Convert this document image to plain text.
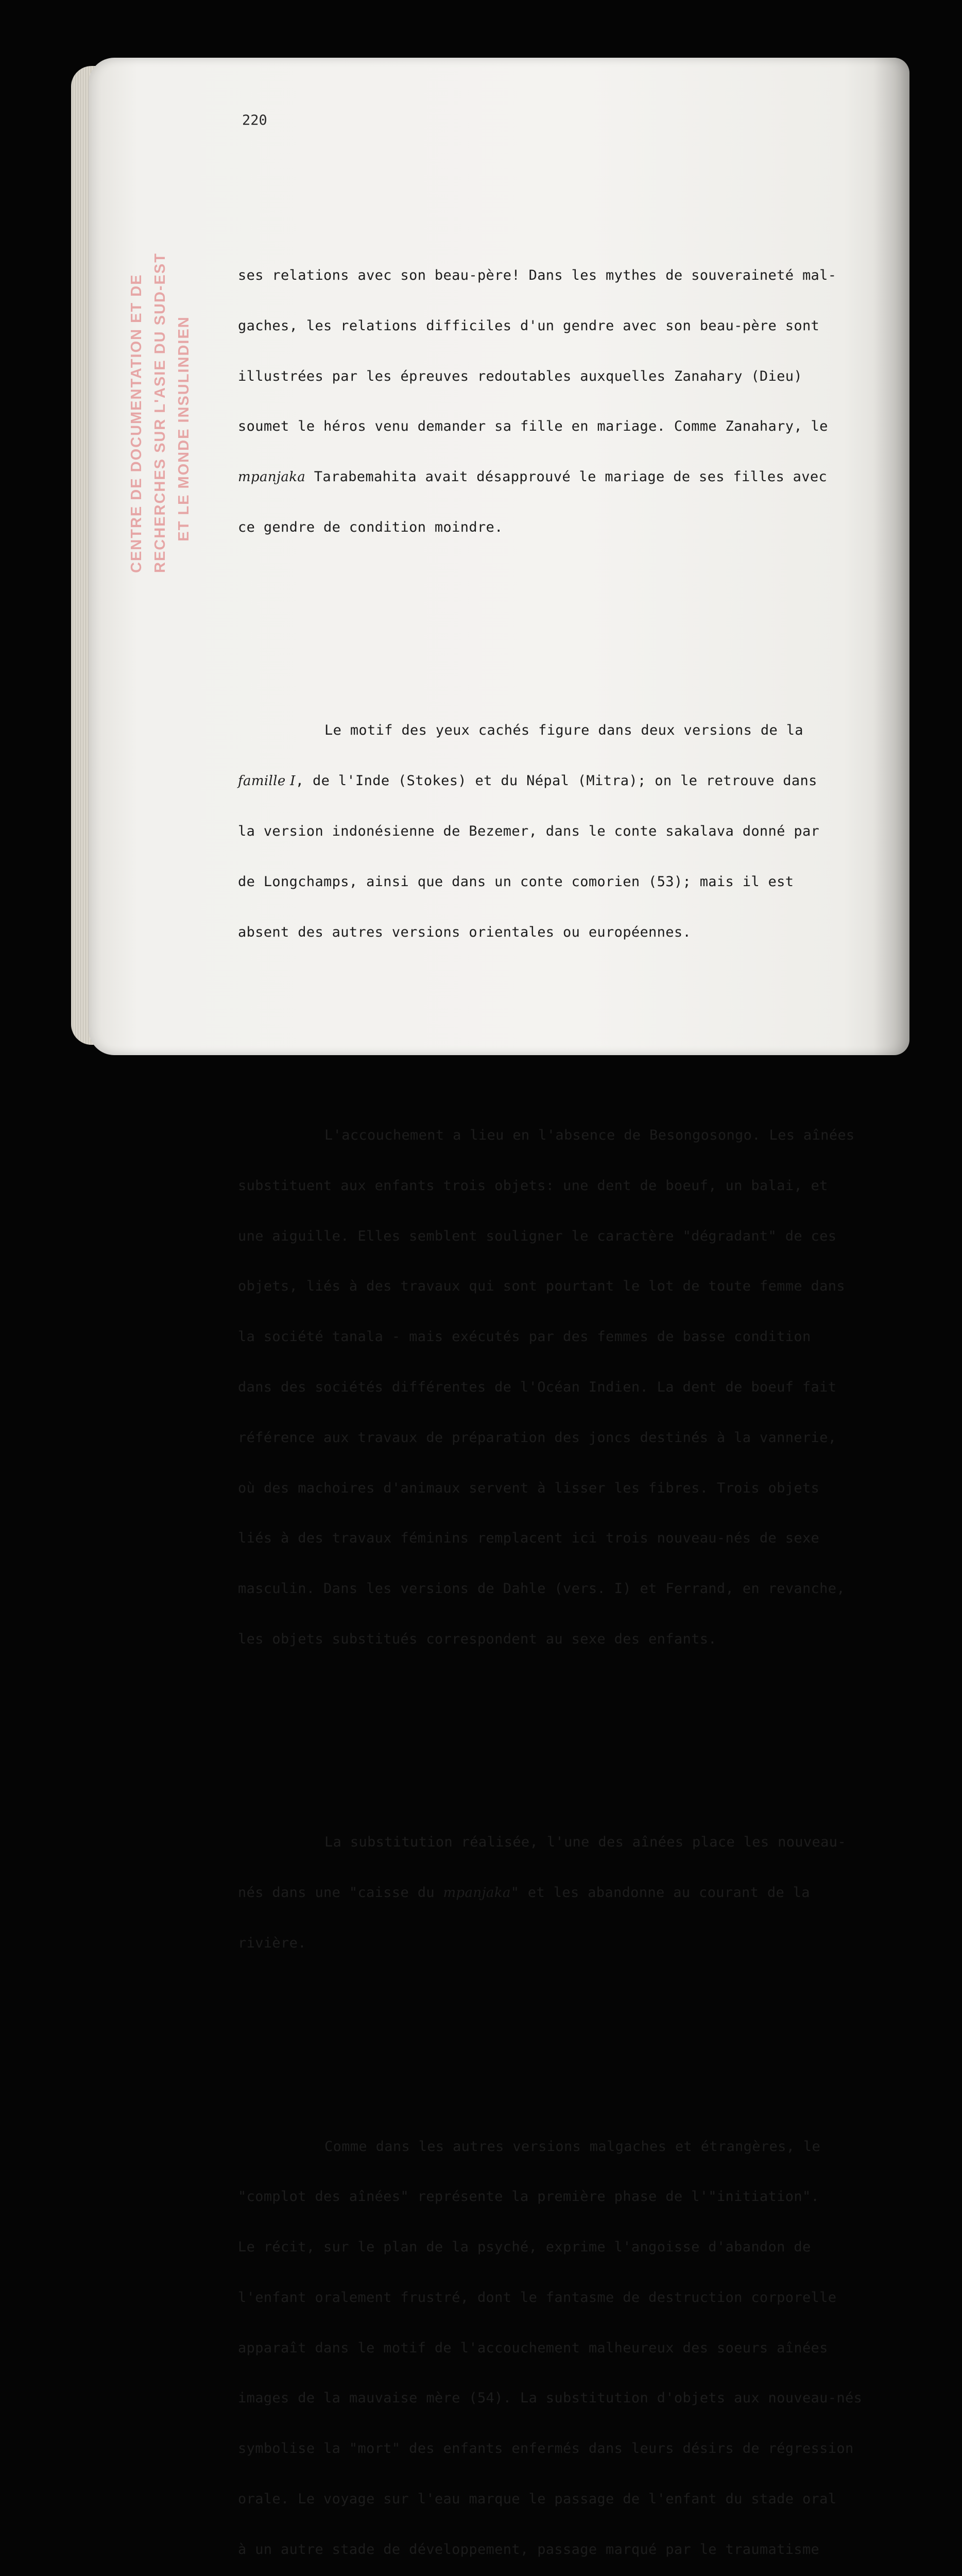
220
CENTRE DE DOCUMENTATION ET DE RECHERCHES SUR L'ASIE DU SUD-EST ET LE MONDE INSULINDIEN

ses relations avec son beau-père! Dans les mythes de souveraineté mal-

gaches, les relations difficiles d'un gendre avec son beau-père sont

illustrées par les épreuves redoutables auxquelles Zanahary (Dieu)

soumet le héros venu demander sa fille en mariage. Comme Zanahary, le

mpanjaka Tarabemahita avait désapprouvé le mariage de ses filles avec

ce gendre de condition moindre.

Le motif des yeux cachés figure dans deux versions de la

famille I, de l'Inde (Stokes) et du Népal (Mitra); on le retrouve dans

la version indonésienne de Bezemer, dans le conte sakalava donné par

de Longchamps, ainsi que dans un conte comorien (53); mais il est

absent des autres versions orientales ou européennes.

L'accouchement a lieu en l'absence de Besongosongo. Les aînées

substituent aux enfants trois objets: une dent de boeuf, un balai, et

une aiguille. Elles semblent souligner le caractère "dégradant" de ces

objets, liés à des travaux qui sont pourtant le lot de toute femme dans

la société tanala - mais exécutés par des femmes de basse condition

dans des sociétés différentes de l'Océan Indien. La dent de boeuf fait

référence aux travaux de préparation des joncs destinés à la vannerie,

où des machoires d'animaux servent à lisser les fibres. Trois objets

liés à des travaux féminins remplacent ici trois nouveau-nés de sexe

masculin. Dans les versions de Dahle (vers. I) et Ferrand, en revanche,

les objets substitués correspondent au sexe des enfants.

La substitution réalisée, l'une des aînées place les nouveau-

nés dans une "caisse du mpanjaka" et les abandonne au courant de la

rivière.

Comme dans les autres versions malgaches et étrangères, le

"complot des aînées" représente la première phase de l'"initiation".

Le récit, sur le plan de la psyché, exprime l'angoisse d'abandon de

l'enfant oralement frustré, dont le fantasme de destruction corporelle

apparaît dans le motif de l'accouchement malheureux des soeurs aînées

images de la mauvaise mère (54). La substitution d'objets aux nouveau-nés

symbolise la "mort" des enfants enfermés dans leurs désirs de régression

orale. Le voyage sur l'eau marque le passage de l'enfant du stade oral

à un autre stade de développement, passage marqué par le traumatisme
